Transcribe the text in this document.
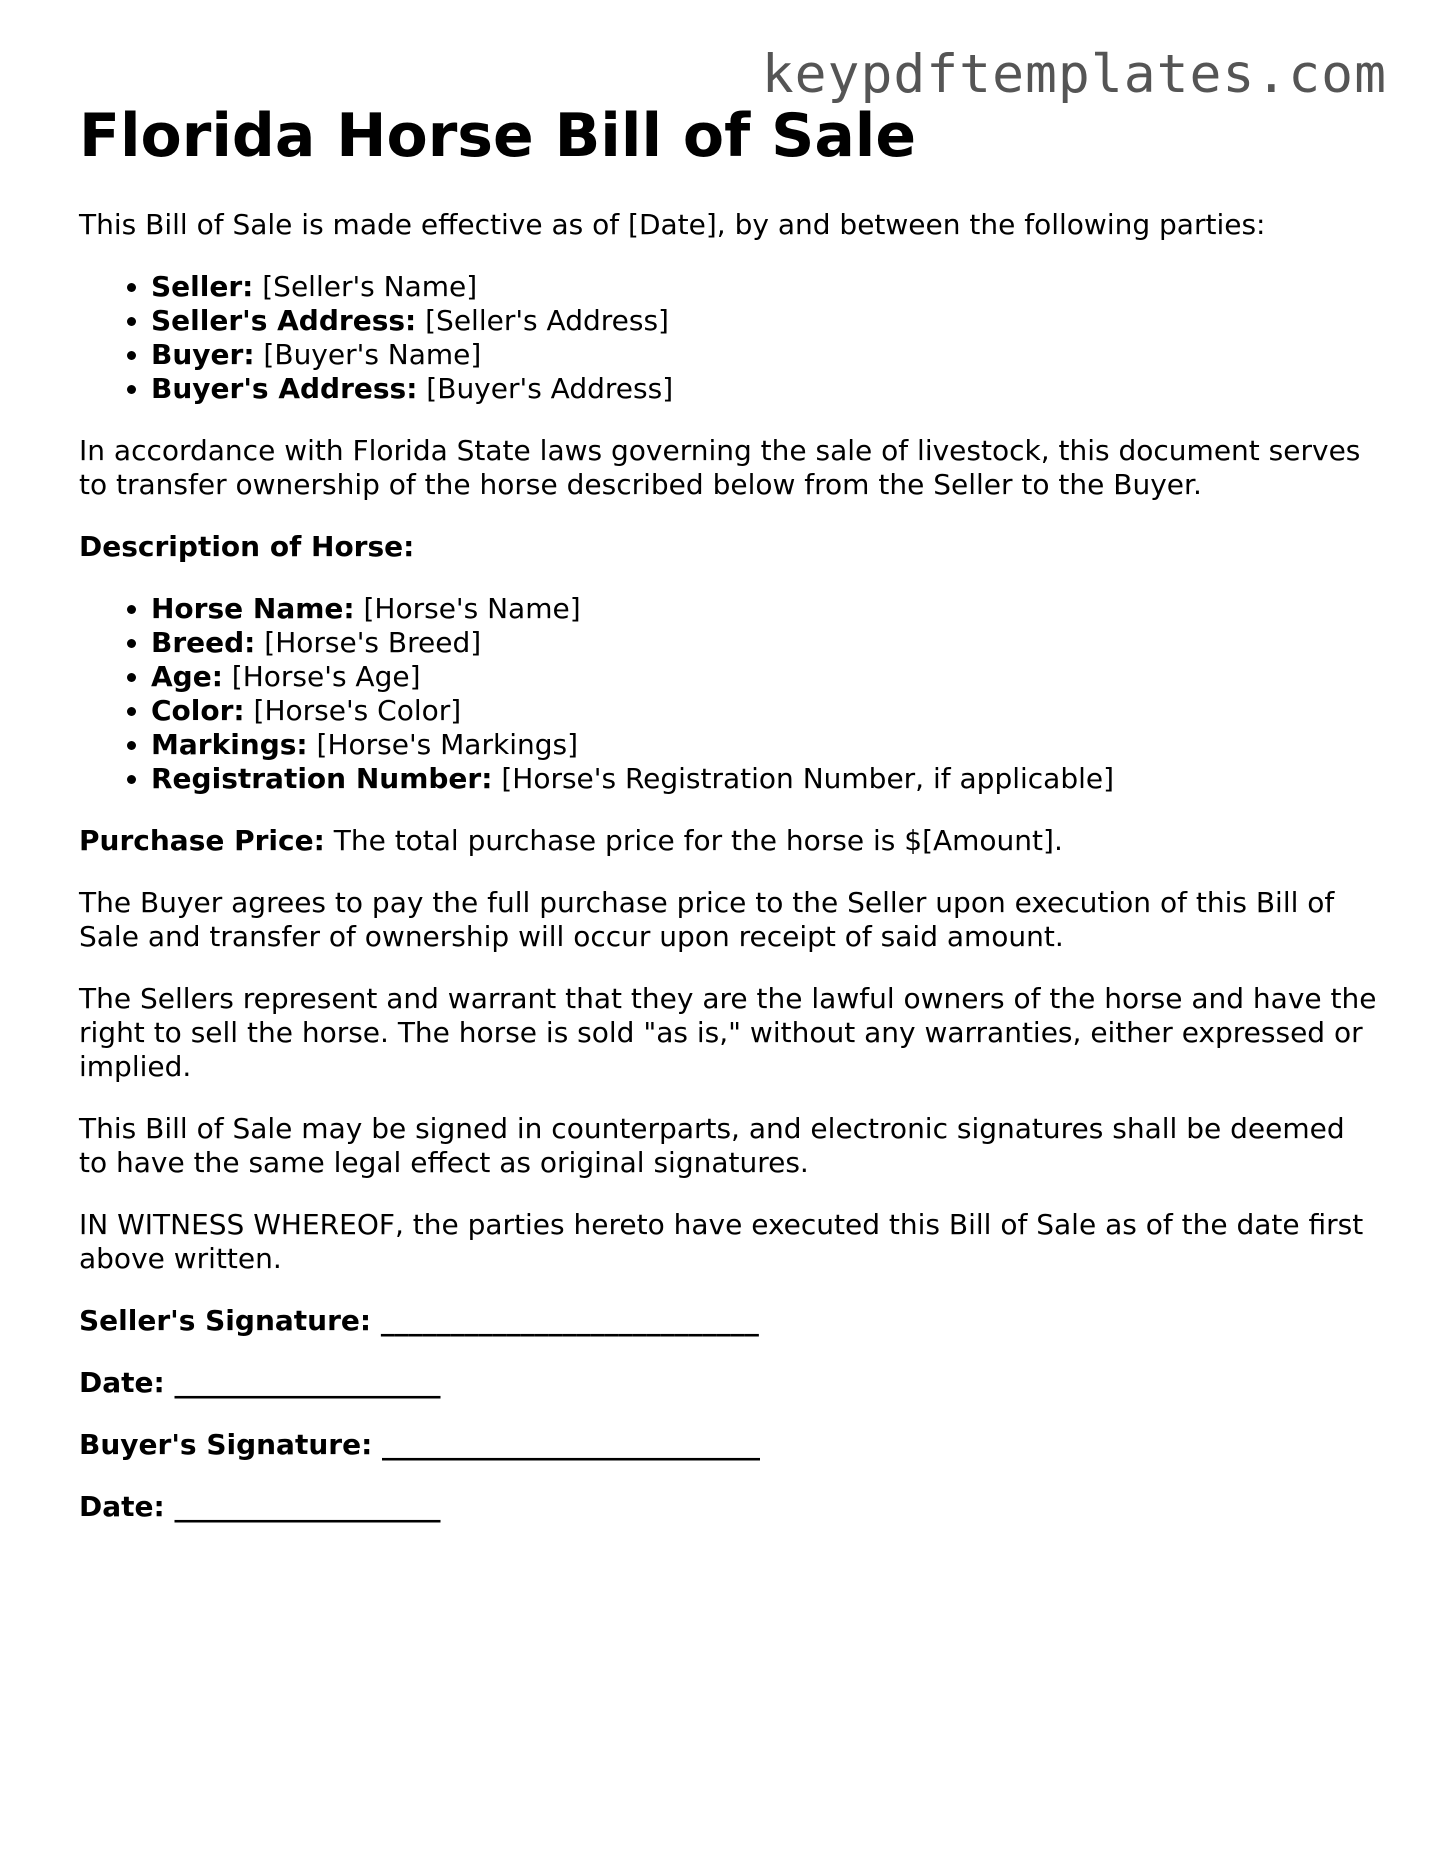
keypdftemplates.com
Florida Horse Bill of Sale

This Bill of Sale is made effective as of [Date], by and between the following parties:

• Seller: [Seller's Name]
• Seller's Address: [Seller's Address]
• Buyer: [Buyer's Name]
• Buyer's Address: [Buyer's Address]

In accordance with Florida State laws governing the sale of livestock, this document serves to transfer ownership of the horse described below from the Seller to the Buyer.

Description of Horse:

• Horse Name: [Horse's Name]
• Breed: [Horse's Breed]
• Age: [Horse's Age]
• Color: [Horse's Color]
• Markings: [Horse's Markings]
• Registration Number: [Horse's Registration Number, if applicable]

Purchase Price: The total purchase price for the horse is $[Amount].

The Buyer agrees to pay the full purchase price to the Seller upon execution of this Bill of Sale and transfer of ownership will occur upon receipt of said amount.

The Sellers represent and warrant that they are the lawful owners of the horse and have the right to sell the horse. The horse is sold "as is," without any warranties, either expressed or implied.

This Bill of Sale may be signed in counterparts, and electronic signatures shall be deemed to have the same legal effect as original signatures.

IN WITNESS WHEREOF, the parties hereto have executed this Bill of Sale as of the date first above written.

Seller's Signature: ___________________________
Date: ___________________
Buyer's Signature: ___________________________
Date: ___________________
